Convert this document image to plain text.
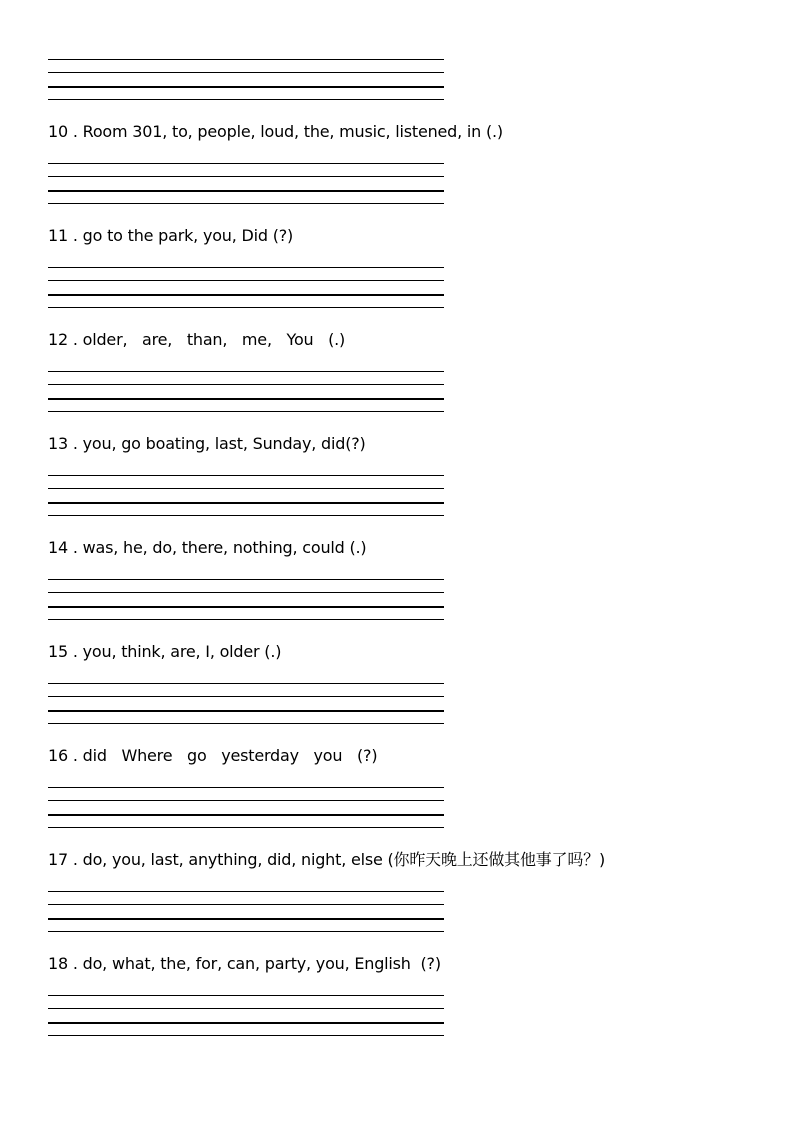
10 . Room 301, to, people, loud, the, music, listened, in (.)
11 . go to the park, you, Did (?)
12 . older,   are,   than,   me,   You   (.)
13 . you, go boating, last, Sunday, did(?)
14 . was, he, do, there, nothing, could (.)
15 . you, think, are, I, older (.)
16 . did   Where   go   yesterday   you   (?)
17 . do, you, last, anything, did, night, else (你昨天晚上还做其他事了吗？)
18 . do, what, the, for, can, party, you, English  (?)
